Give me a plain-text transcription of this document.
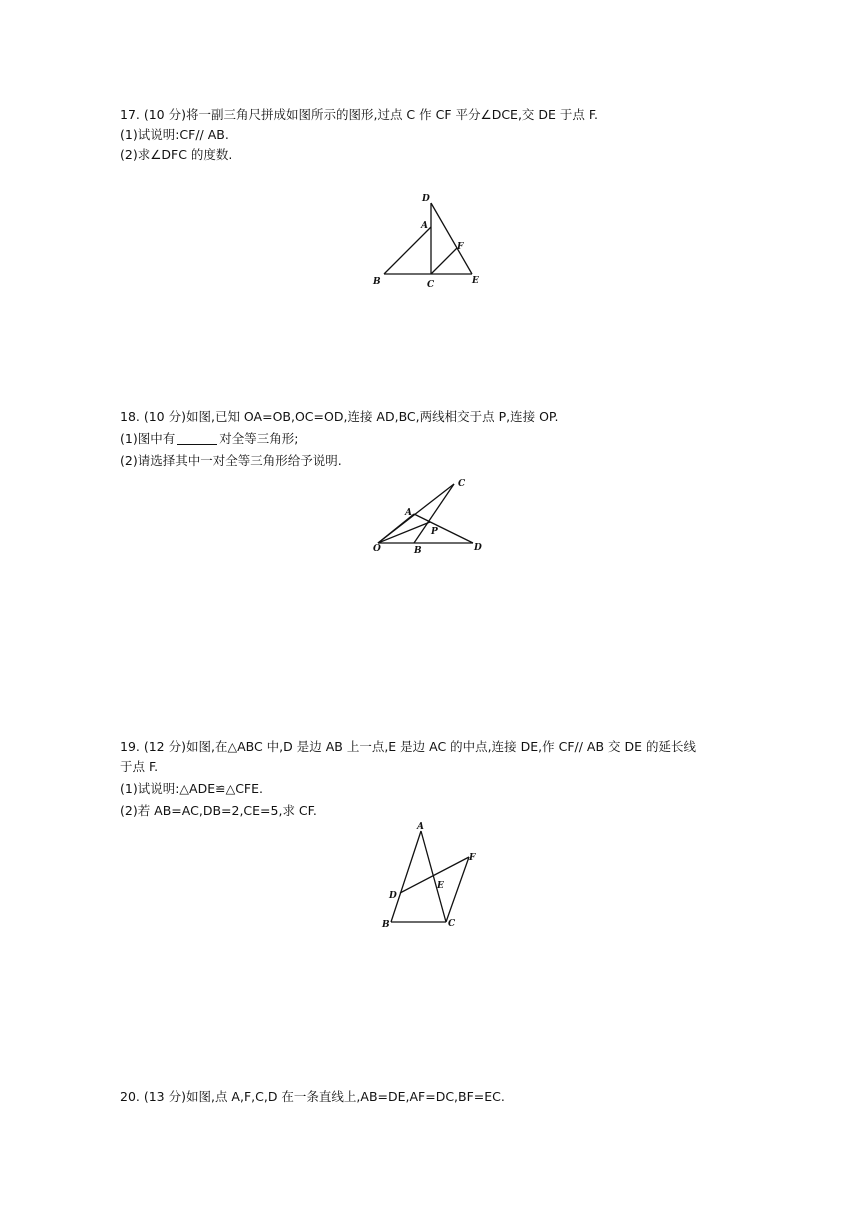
17. (10 分)将一副三角尺拼成如图所示的图形,过点 C 作 CF 平分∠DCE,交 DE 于点 F.
(1)试说明:CF// AB.
(2)求∠DFC 的度数.
D
A
F
B	C	E
18. (10 分)如图,已知 OA=OB,OC=OD,连接 AD,BC,两线相交于点 P,连接 OP.
(1)图中有	对全等三角形;
(2)请选择其中一对全等三角形给予说明.
C
A
P
O	B	D
19. (12 分)如图,在△ABC 中,D 是边 AB 上一点,E 是边 AC 的中点,连接 DE,作 CF// AB 交 DE 的延长线
于点 F.
(1)试说明:△ADE≌△CFE.
(2)若 AB=AC,DB=2,CE=5,求 CF.
A
F
E
D
B	C
20. (13 分)如图,点 A,F,C,D 在一条直线上,AB=DE,AF=DC,BF=EC.
